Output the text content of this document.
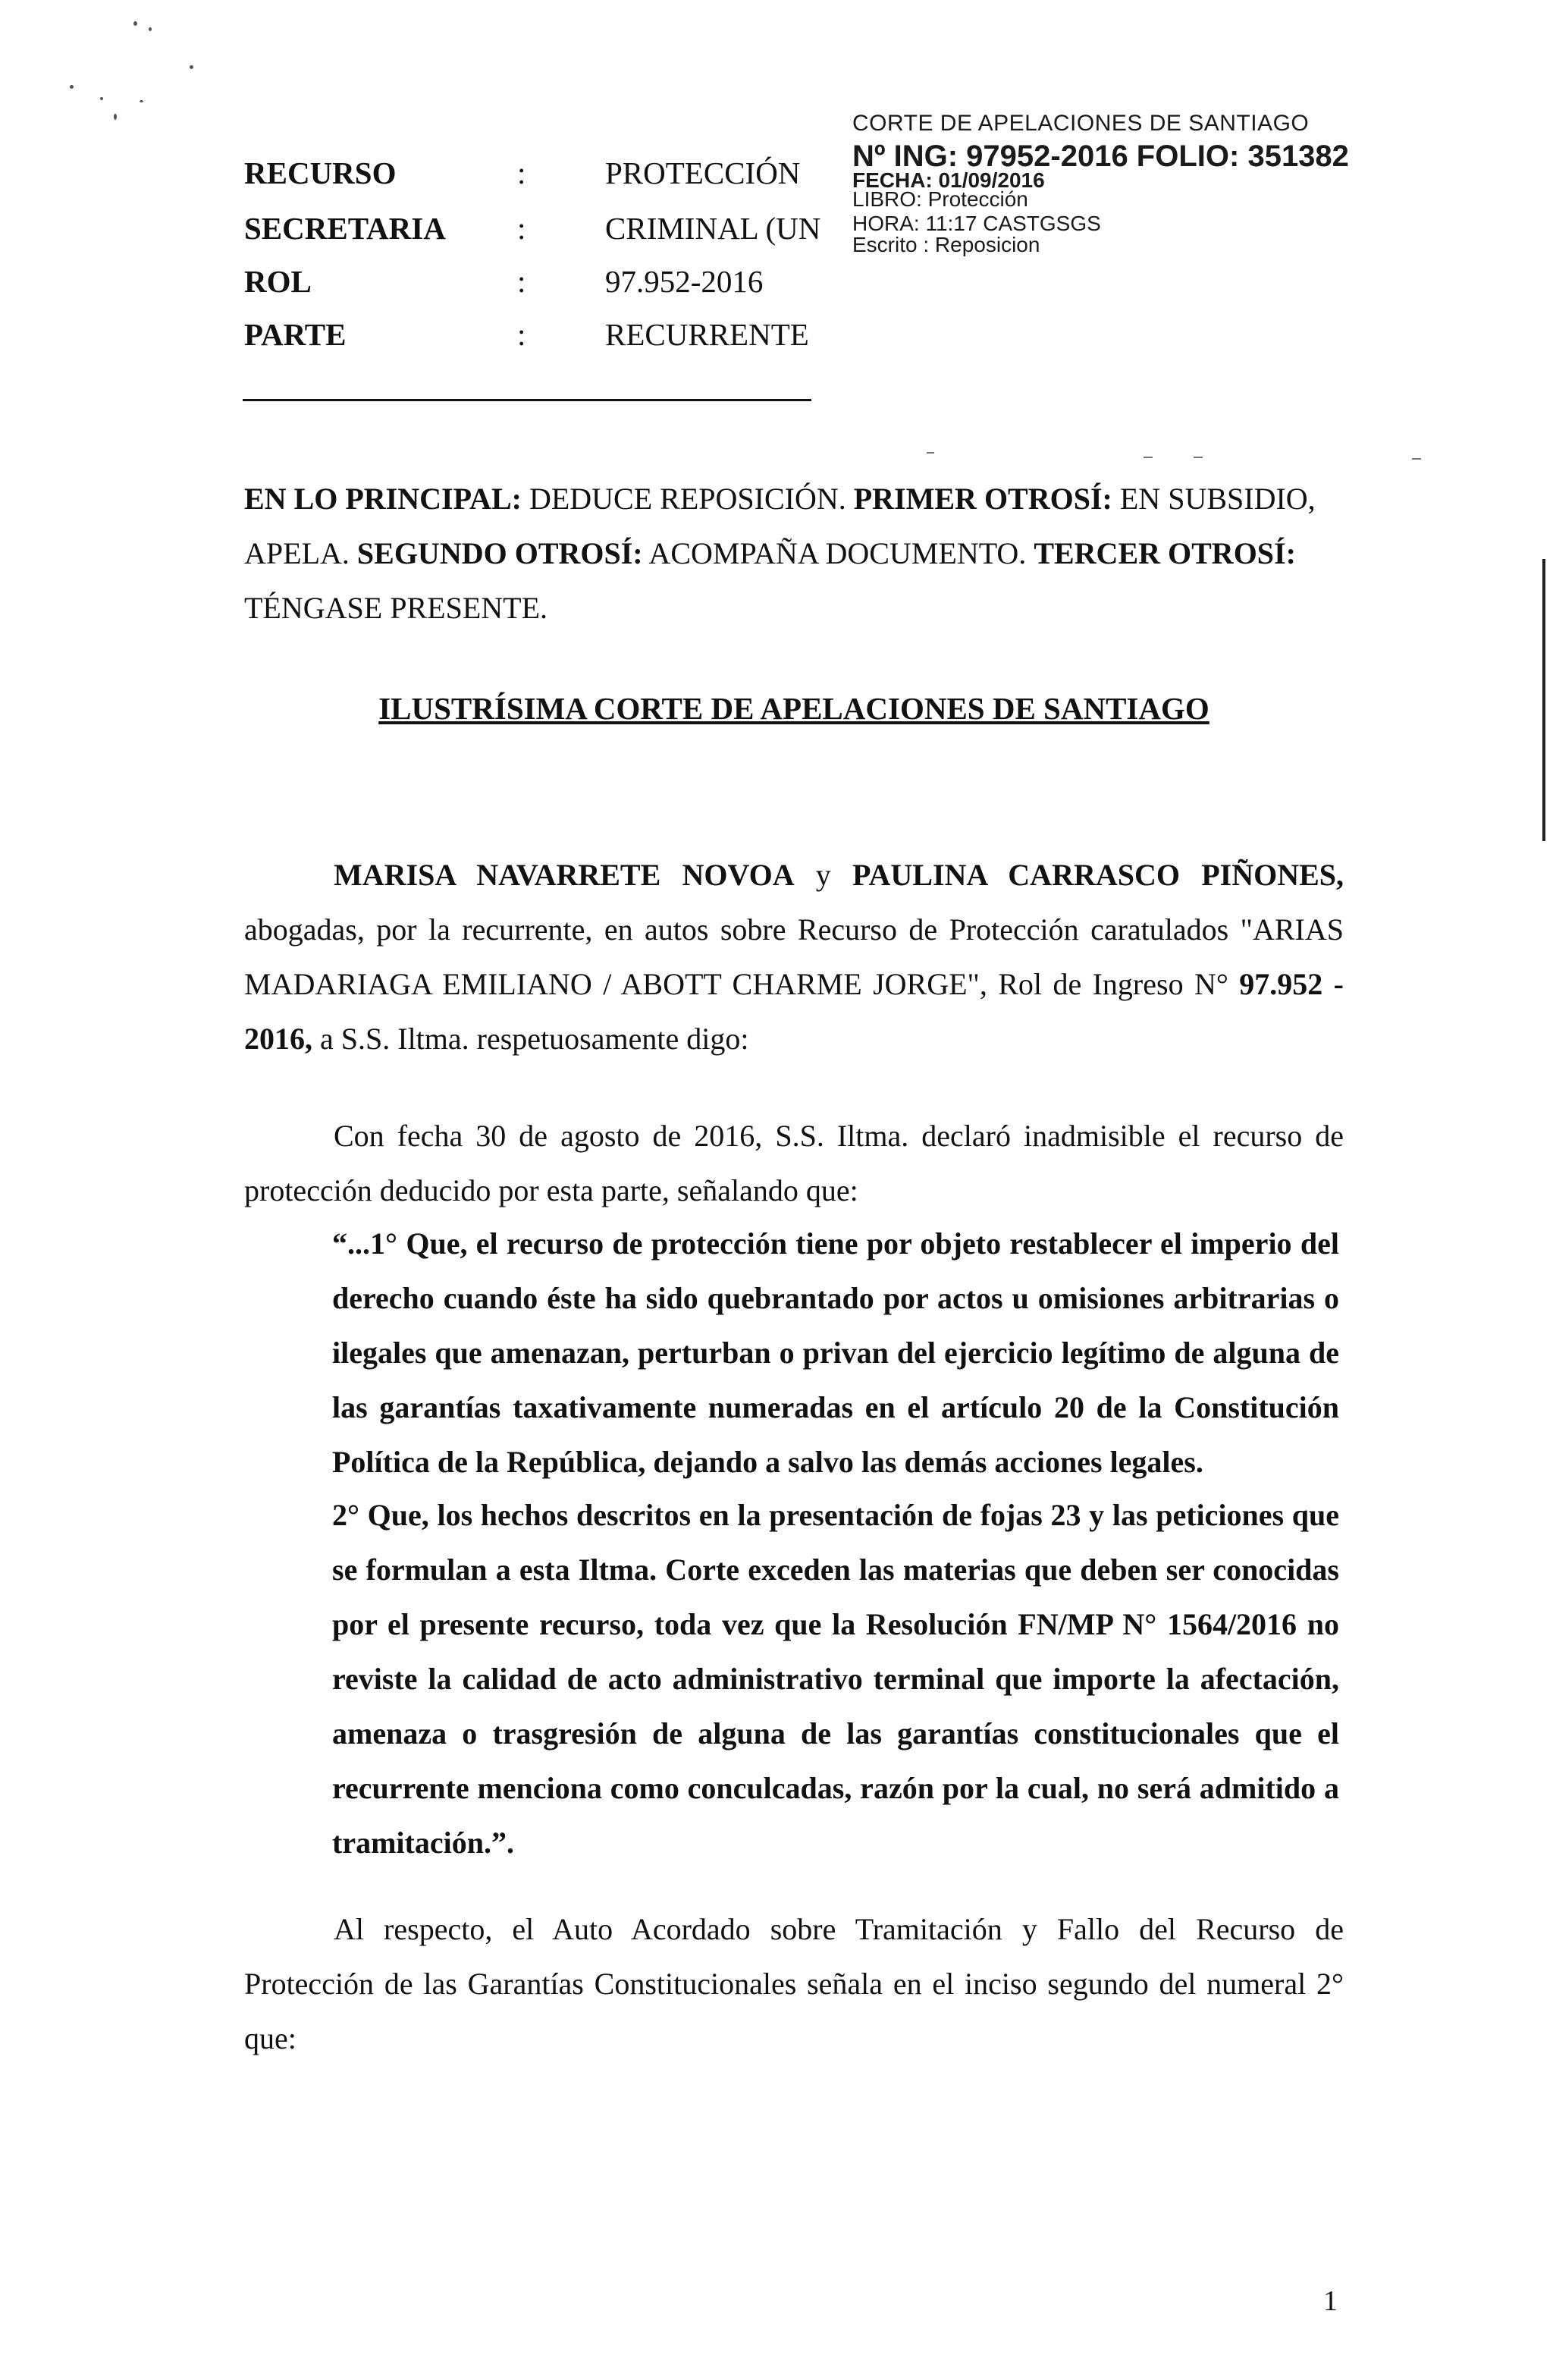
RECURSO	:	PROTECCIÓN
SECRETARIA :	CRIMINAL (UN
ROL	:	97.952-2016
PARTE	:	RECURRENTE
CORTE DE APELACIONES DE SANTIAGO
Nº ING: 97952-2016 FOLIO: 351382
FECHA: 01/09/2016
LIBRO: Protección
HORA: 11:17 CASTGSGS
Escrito : Reposicion
EN LO PRINCIPAL: DEDUCE REPOSICIÓN. PRIMER OTROSÍ: EN SUBSIDIO, APELA. SEGUNDO OTROSÍ: ACOMPAÑA DOCUMENTO. TERCER OTROSÍ: TÉNGASE PRESENTE.
ILUSTRÍSIMA CORTE DE APELACIONES DE SANTIAGO
MARISA NAVARRETE NOVOA y PAULINA CARRASCO PIÑONES, abogadas, por la recurrente, en autos sobre Recurso de Protección caratulados "ARIAS MADARIAGA EMILIANO / ABOTT CHARME JORGE", Rol de Ingreso N° 97.952 - 2016, a S.S. Iltma. respetuosamente digo:
Con fecha 30 de agosto de 2016, S.S. Iltma. declaró inadmisible el recurso de protección deducido por esta parte, señalando que:
“...1° Que, el recurso de protección tiene por objeto restablecer el imperio del derecho cuando éste ha sido quebrantado por actos u omisiones arbitrarias o ilegales que amenazan, perturban o privan del ejercicio legítimo de alguna de las garantías taxativamente numeradas en el artículo 20 de la Constitución Política de la República, dejando a salvo las demás acciones legales.
2° Que, los hechos descritos en la presentación de fojas 23 y las peticiones que se formulan a esta Iltma. Corte exceden las materias que deben ser conocidas por el presente recurso, toda vez que la Resolución FN/MP N° 1564/2016 no reviste la calidad de acto administrativo terminal que importe la afectación, amenaza o trasgresión de alguna de las garantías constitucionales que el recurrente menciona como conculcadas, razón por la cual, no será admitido a tramitación.”.
Al respecto, el Auto Acordado sobre Tramitación y Fallo del Recurso de Protección de las Garantías Constitucionales señala en el inciso segundo del numeral 2° que:
1
